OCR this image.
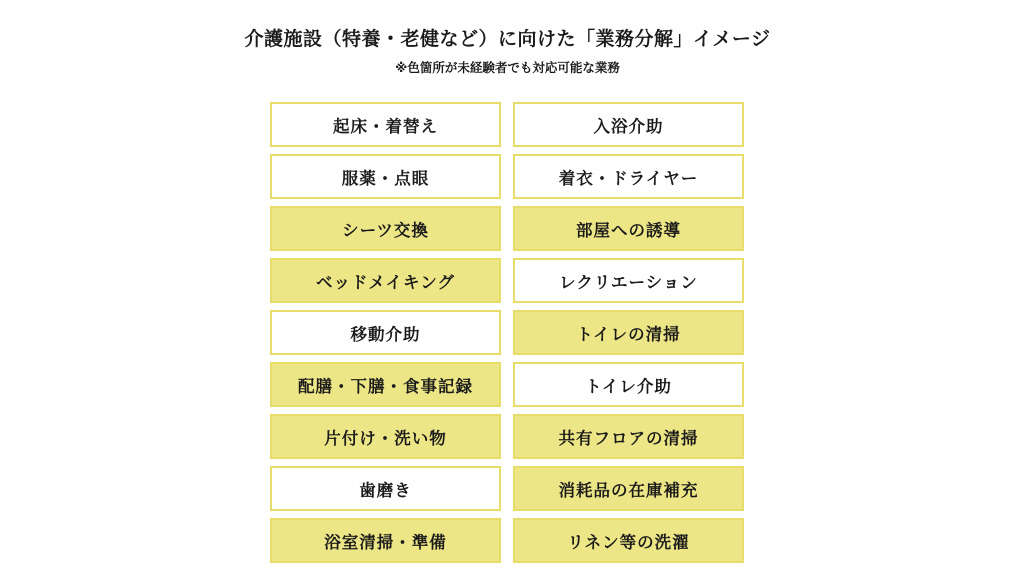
介護施設（特養・老健など）に向けた「業務分解」イメージ
※色箇所が未経験者でも対応可能な業務
起床・着替え	入浴介助
服薬・点眼	着衣・ドライヤー
シーツ交換	部屋への誘導
ベッドメイキング	レクリエーション
移動介助	トイレの清掃
配膳・下膳・食事記録	トイレ介助
片付け・洗い物	共有フロアの清掃
歯磨き	消耗品の在庫補充
浴室清掃・準備	リネン等の洗濯
